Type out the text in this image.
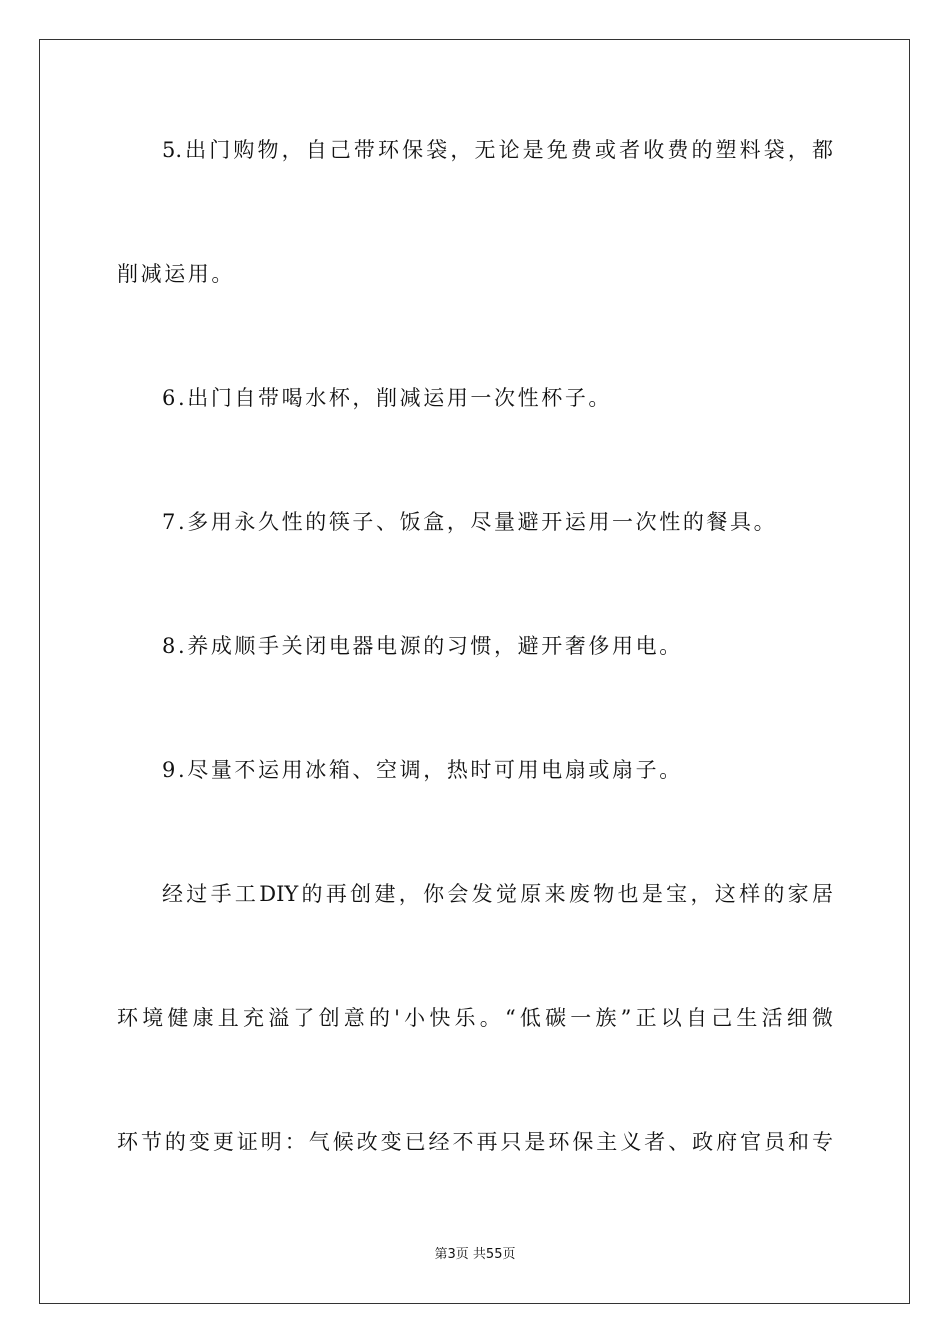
5.出门购物，自己带环保袋，无论是免费或者收费的塑料袋，都
削减运用。
6.出门自带喝水杯，削减运用一次性杯子。
7.多用永久性的筷子、饭盒，尽量避开运用一次性的餐具。
8.养成顺手关闭电器电源的习惯，避开奢侈用电。
9.尽量不运用冰箱、空调，热时可用电扇或扇子。
经过手工DIY的再创建，你会发觉原来废物也是宝，这样的家居
环境健康且充溢了创意的'小快乐。“低碳一族”正以自己生活细微
环节的变更证明：气候改变已经不再只是环保主义者、政府官员和专
第3页 共55页
